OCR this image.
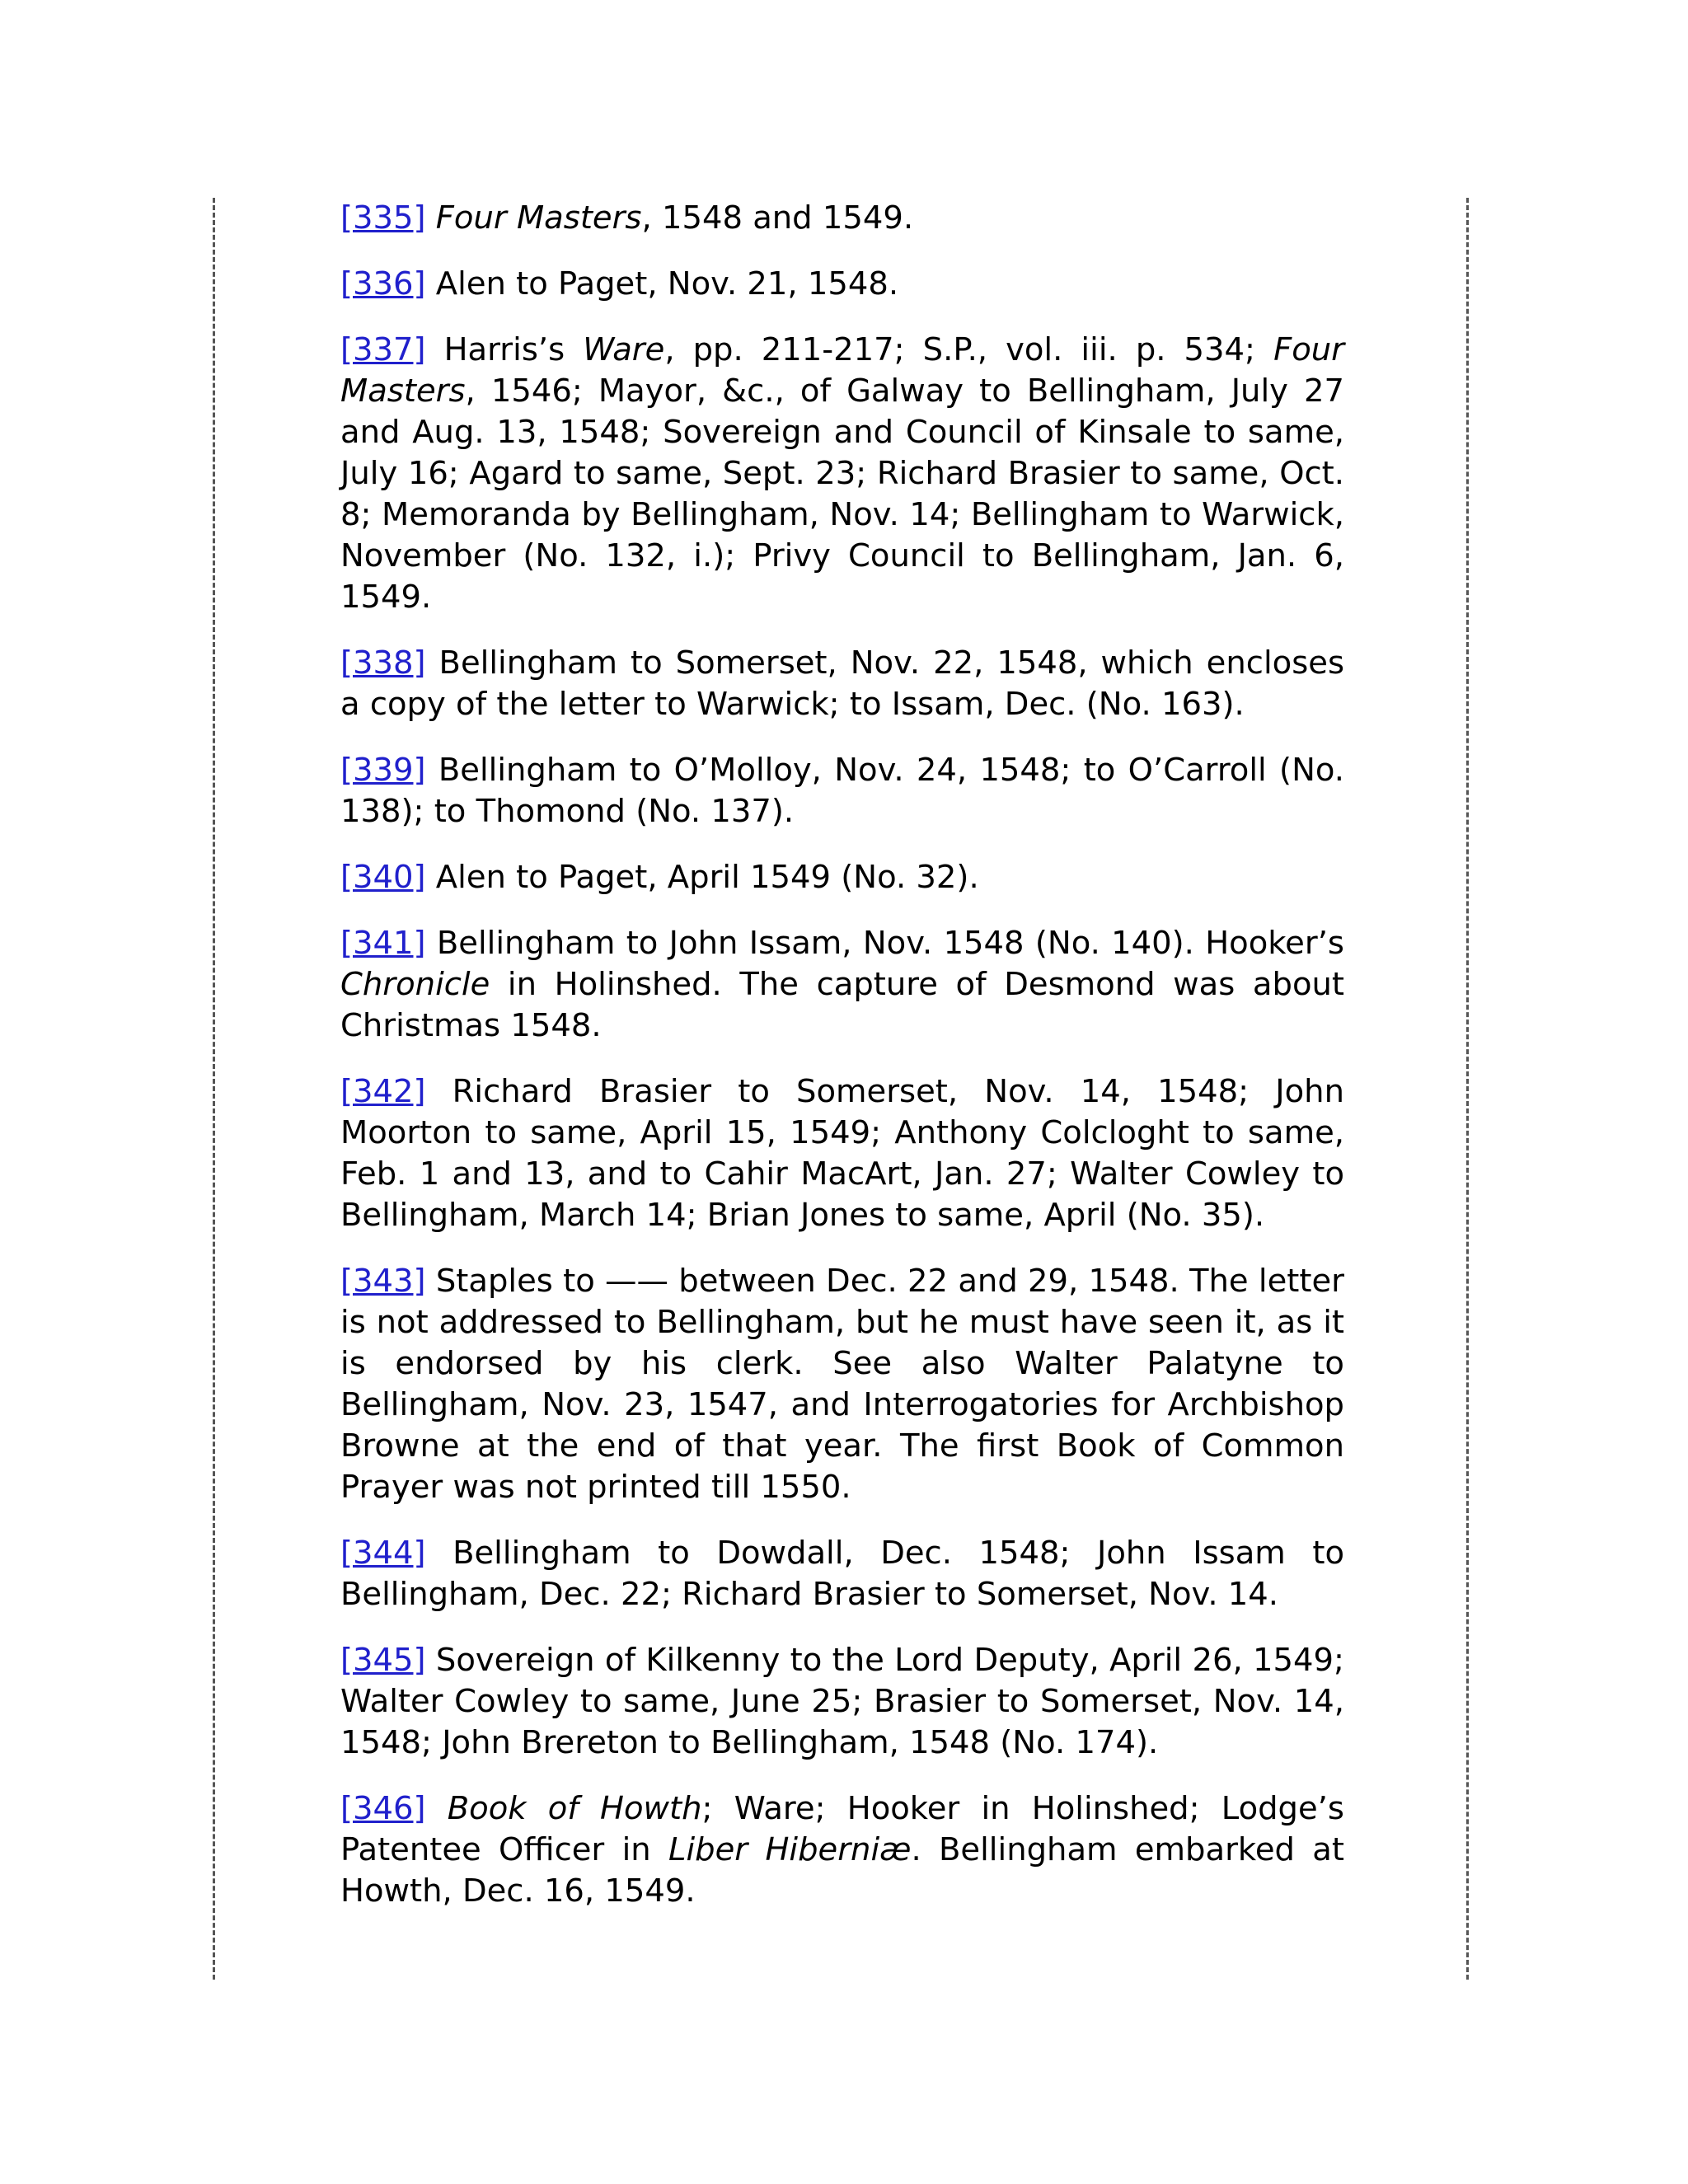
[335] Four Masters, 1548 and 1549.

[336] Alen to Paget, Nov. 21, 1548.

[337] Harris’s Ware, pp. 211-217; S.P., vol. iii. p. 534; Four Masters, 1546; Mayor, &c., of Galway to Bellingham, July 27 and Aug. 13, 1548; Sovereign and Council of Kinsale to same, July 16; Agard to same, Sept. 23; Richard Brasier to same, Oct. 8; Memoranda by Bellingham, Nov. 14; Bellingham to Warwick, November (No. 132, i.); Privy Council to Bellingham, Jan. 6, 1549.

[338] Bellingham to Somerset, Nov. 22, 1548, which encloses a copy of the letter to Warwick; to Issam, Dec. (No. 163).

[339] Bellingham to O’Molloy, Nov. 24, 1548; to O’Carroll (No. 138); to Thomond (No. 137).

[340] Alen to Paget, April 1549 (No. 32).

[341] Bellingham to John Issam, Nov. 1548 (No. 140). Hooker’s Chronicle in Holinshed. The capture of Desmond was about Christmas 1548.

[342] Richard Brasier to Somerset, Nov. 14, 1548; John Moorton to same, April 15, 1549; Anthony Colcloght to same, Feb. 1 and 13, and to Cahir MacArt, Jan. 27; Walter Cowley to Bellingham, March 14; Brian Jones to same, April (No. 35).

[343] Staples to —— between Dec. 22 and 29, 1548. The letter is not addressed to Bellingham, but he must have seen it, as it is endorsed by his clerk. See also Walter Palatyne to Bellingham, Nov. 23, 1547, and Interrogatories for Archbishop Browne at the end of that year. The first Book of Common Prayer was not printed till 1550.

[344] Bellingham to Dowdall, Dec. 1548; John Issam to Bellingham, Dec. 22; Richard Brasier to Somerset, Nov. 14.

[345] Sovereign of Kilkenny to the Lord Deputy, April 26, 1549; Walter Cowley to same, June 25; Brasier to Somerset, Nov. 14, 1548; John Brereton to Bellingham, 1548 (No. 174).

[346] Book of Howth; Ware; Hooker in Holinshed; Lodge’s Patentee Officer in Liber Hiberniæ. Bellingham embarked at Howth, Dec. 16, 1549.
